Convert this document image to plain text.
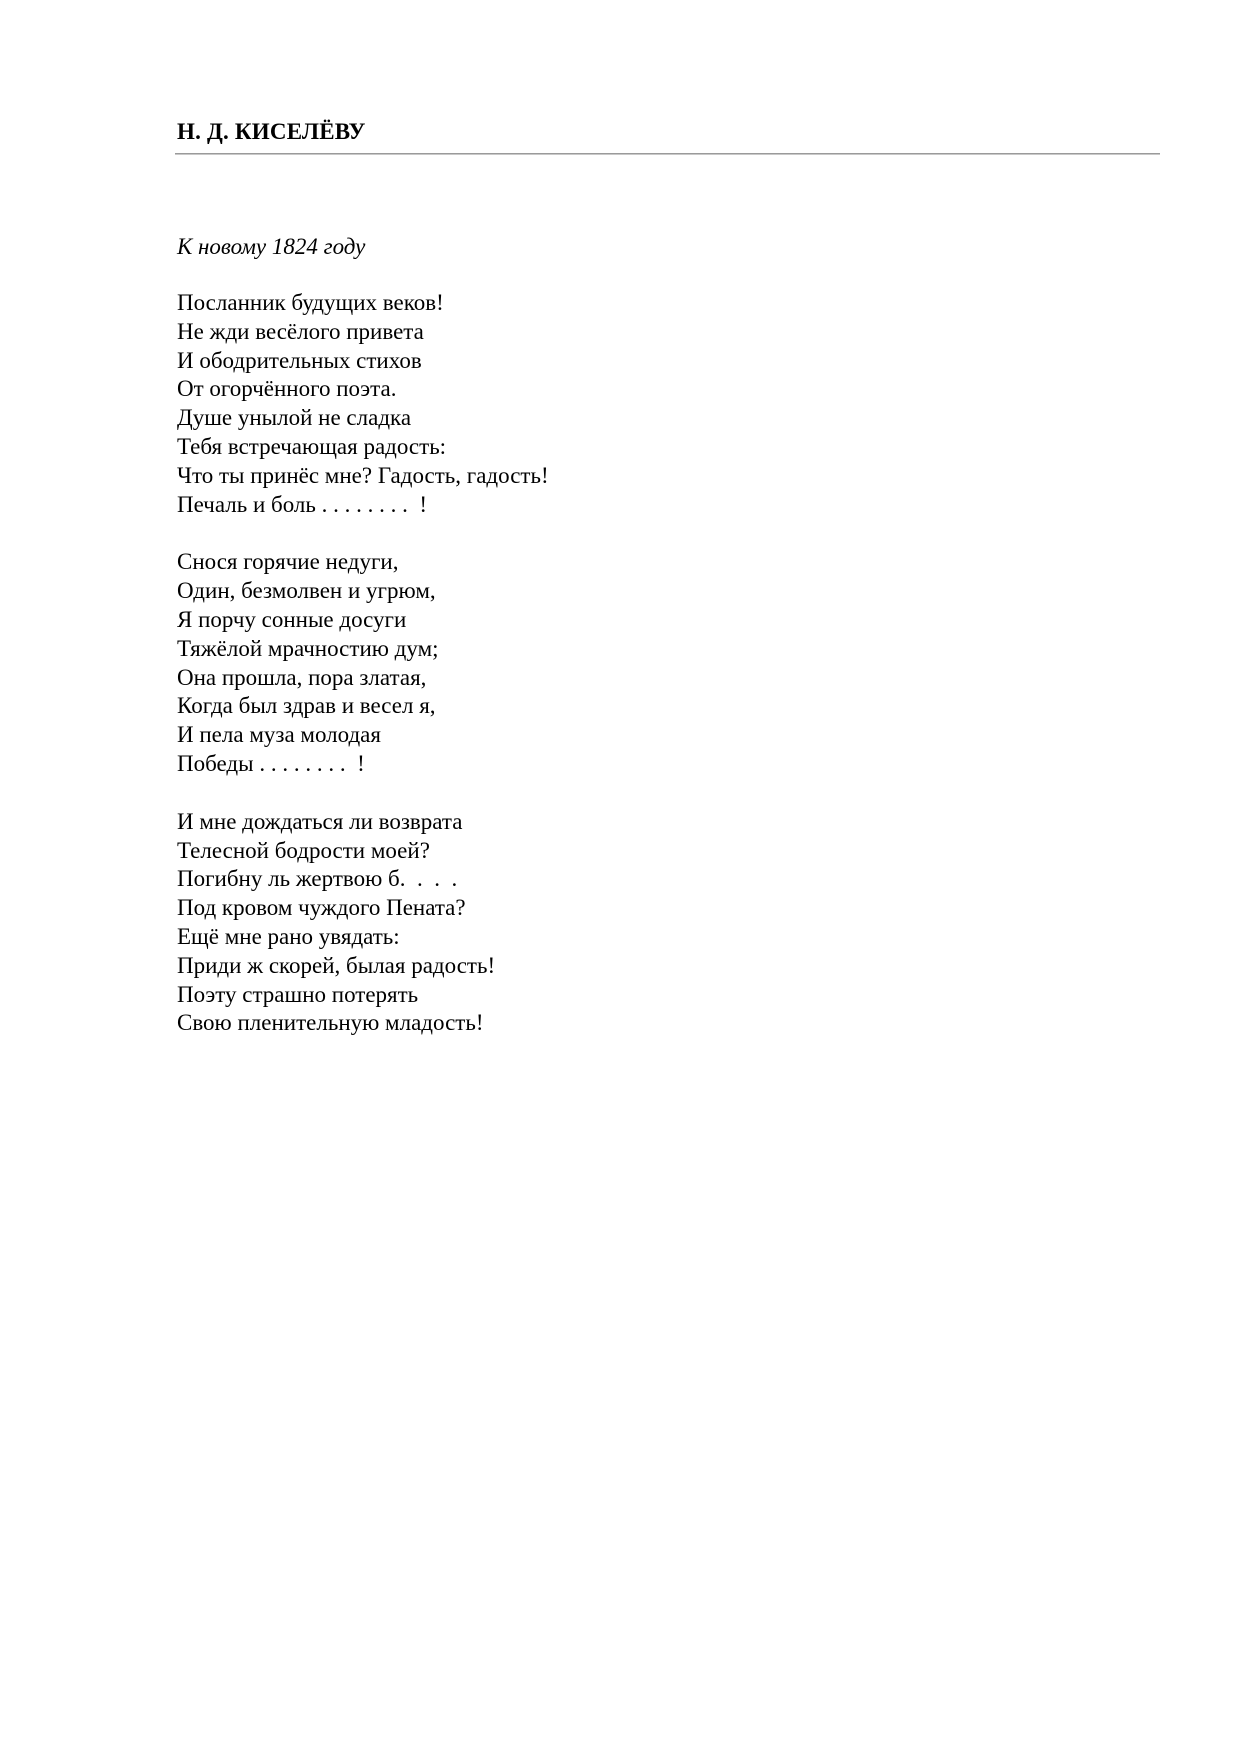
Н. Д. КИСЕЛЁВУ
К новому 1824 году
Посланник будущих веков!
Не жди весёлого привета
И ободрительных стихов
От огорчённого поэта.
Душе унылой не сладка
Тебя встречающая радость:
Что ты принёс мне? Гадость, гадость!
Печаль и боль . . . . . . . .  !
Снося горячие недуги,
Один, безмолвен и угрюм,
Я порчу сонные досуги
Тяжёлой мрачностию дум;
Она прошла, пора златая,
Когда был здрав и весел я,
И пела муза молодая
Победы . . . . . . . .  !
И мне дождаться ли возврата
Телесной бодрости моей?
Погибну ль жертвою б.  .  .  .
Под кровом чуждого Пената?
Ещё мне рано увядать:
Приди ж скорей, былая радость!
Поэту страшно потерять
Свою пленительную младость!
